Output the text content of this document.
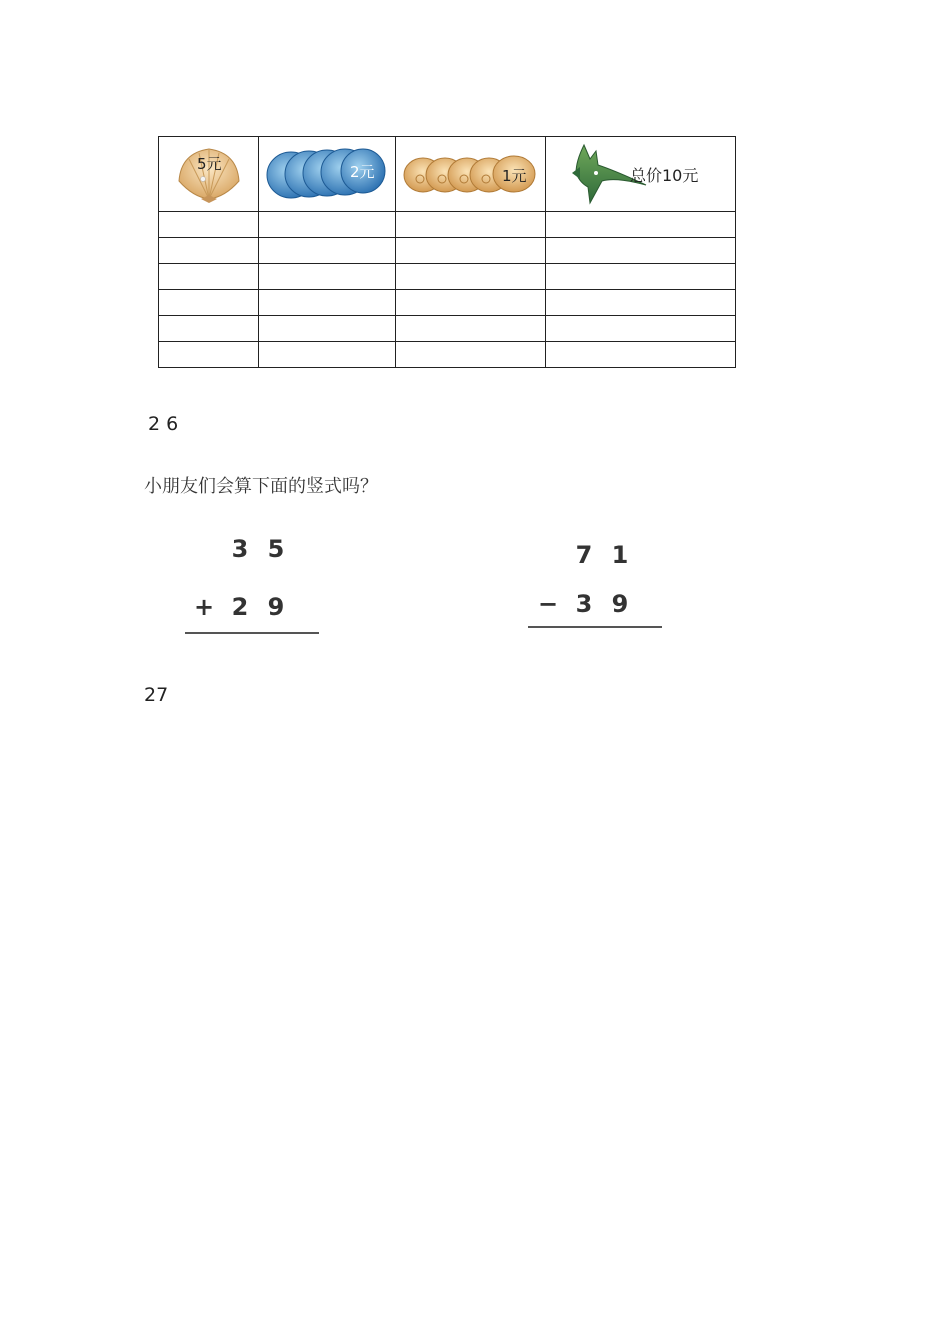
5元	2元	1元	总价10元

2 6
小朋友们会算下面的竖式吗？
3 5
+ 2 9
7 1
− 3 9
27
